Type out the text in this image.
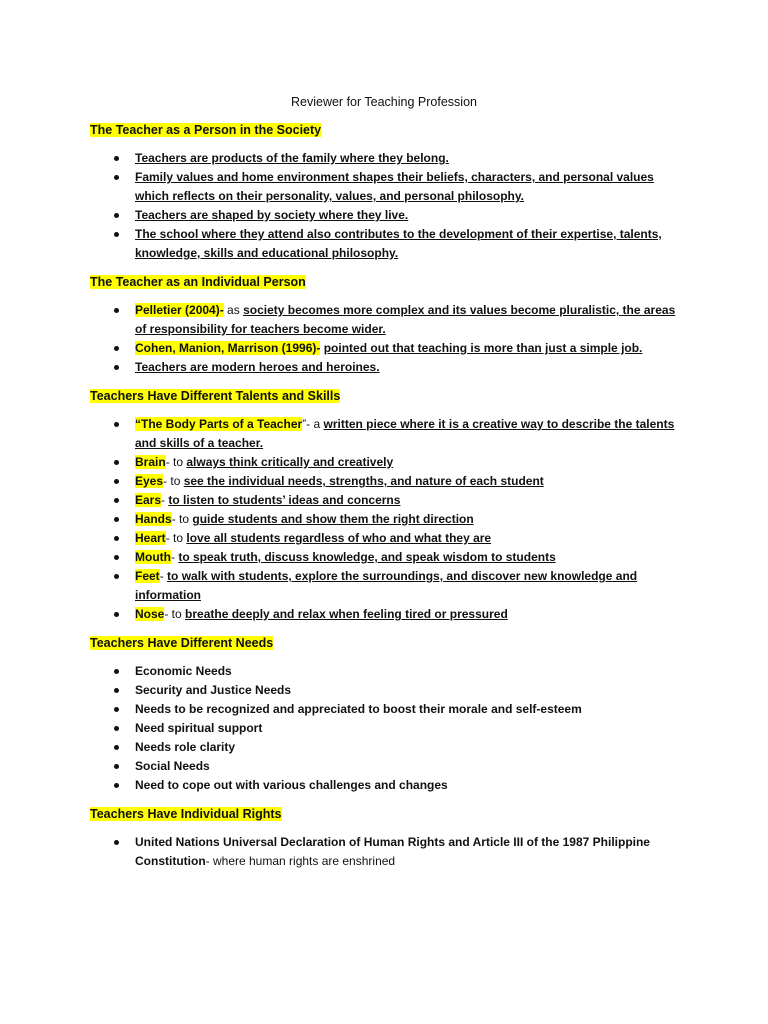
Reviewer for Teaching Profession
The Teacher as a Person in the Society
Teachers are products of the family where they belong.
Family values and home environment shapes their beliefs, characters, and personal values which reflects on their personality, values, and personal philosophy.
Teachers are shaped by society where they live.
The school where they attend also contributes to the development of their expertise, talents, knowledge, skills and educational philosophy.
The Teacher as an Individual Person
Pelletier (2004)- as society becomes more complex and its values become pluralistic, the areas of responsibility for teachers become wider.
Cohen, Manion, Marrison (1996)- pointed out that teaching is more than just a simple job.
Teachers are modern heroes and heroines.
Teachers Have Different Talents and Skills
“The Body Parts of a Teacher”- a written piece where it is a creative way to describe the talents and skills of a teacher.
Brain- to always think critically and creatively
Eyes- to see the individual needs, strengths, and nature of each student
Ears- to listen to students’ ideas and concerns
Hands- to guide students and show them the right direction
Heart- to love all students regardless of who and what they are
Mouth- to speak truth, discuss knowledge, and speak wisdom to students
Feet- to walk with students, explore the surroundings, and discover new knowledge and information
Nose- to breathe deeply and relax when feeling tired or pressured
Teachers Have Different Needs
Economic Needs
Security and Justice Needs
Needs to be recognized and appreciated to boost their morale and self-esteem
Need spiritual support
Needs role clarity
Social Needs
Need to cope out with various challenges and changes
Teachers Have Individual Rights
United Nations Universal Declaration of Human Rights and Article III of the 1987 Philippine Constitution- where human rights are enshrined
